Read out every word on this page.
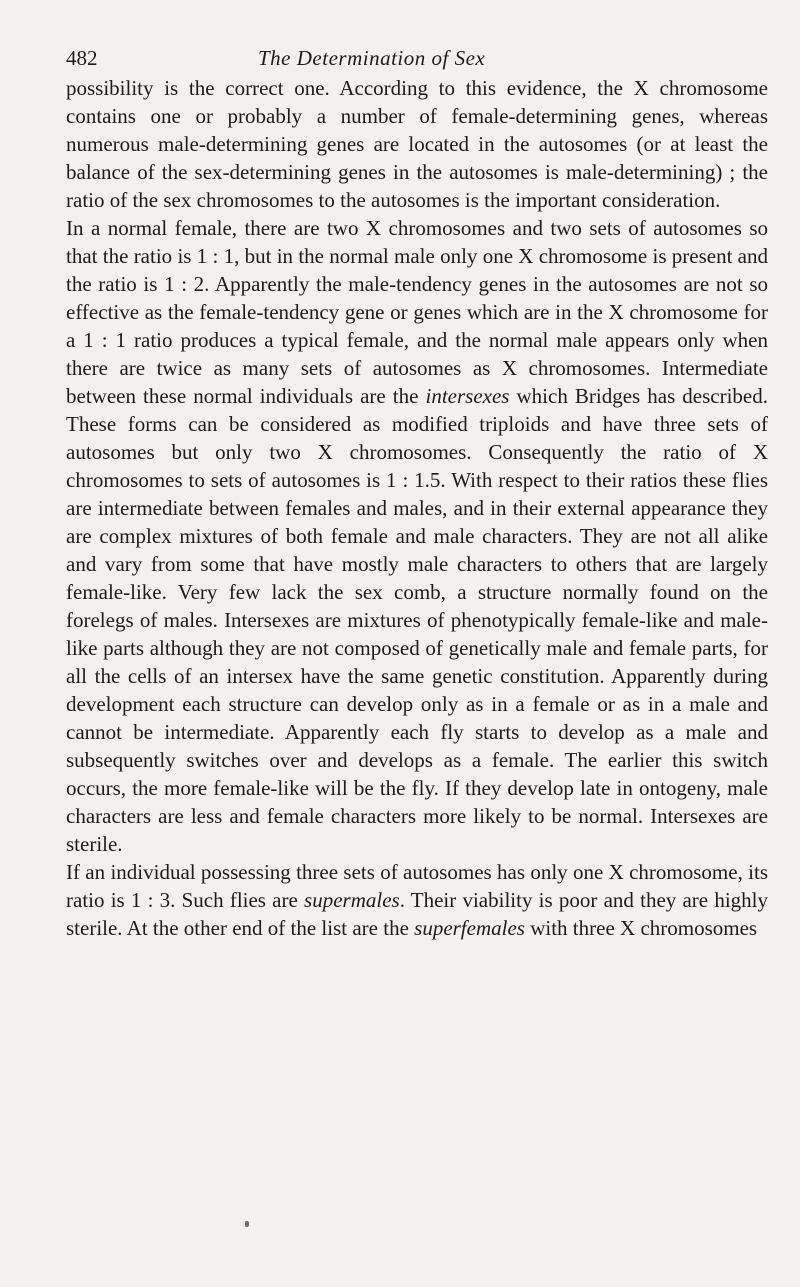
482	The Determination of Sex

possibility is the correct one. According to this evidence, the X chromosome contains one or probably a number of female-determining genes, whereas numerous male-determining genes are located in the autosomes (or at least the balance of the sex-determining genes in the autosomes is male-determining) ; the ratio of the sex chromosomes to the autosomes is the important consideration.

In a normal female, there are two X chromosomes and two sets of autosomes so that the ratio is 1 : 1, but in the normal male only one X chromosome is present and the ratio is 1 : 2. Apparently the male-tendency genes in the autosomes are not so effective as the female-tendency gene or genes which are in the X chromosome for a 1 : 1 ratio produces a typical female, and the normal male appears only when there are twice as many sets of autosomes as X chromosomes. Intermediate between these normal individuals are the intersexes which Bridges has described. These forms can be considered as modified triploids and have three sets of autosomes but only two X chromosomes. Consequently the ratio of X chromosomes to sets of autosomes is 1 : 1.5. With respect to their ratios these flies are intermediate between females and males, and in their external appearance they are complex mixtures of both female and male characters. They are not all alike and vary from some that have mostly male characters to others that are largely female-like. Very few lack the sex comb, a structure normally found on the forelegs of males. Intersexes are mixtures of phenotypically female-like and male-like parts although they are not composed of genetically male and female parts, for all the cells of an intersex have the same genetic constitution. Apparently during development each structure can develop only as in a female or as in a male and cannot be intermediate. Apparently each fly starts to develop as a male and subsequently switches over and develops as a female. The earlier this switch occurs, the more female-like will be the fly. If they develop late in ontogeny, male characters are less and female characters more likely to be normal. Intersexes are sterile.

If an individual possessing three sets of autosomes has only one X chromosome, its ratio is 1 : 3. Such flies are supermales. Their viability is poor and they are highly sterile. At the other end of the list are the superfemales with three X chromosomes
